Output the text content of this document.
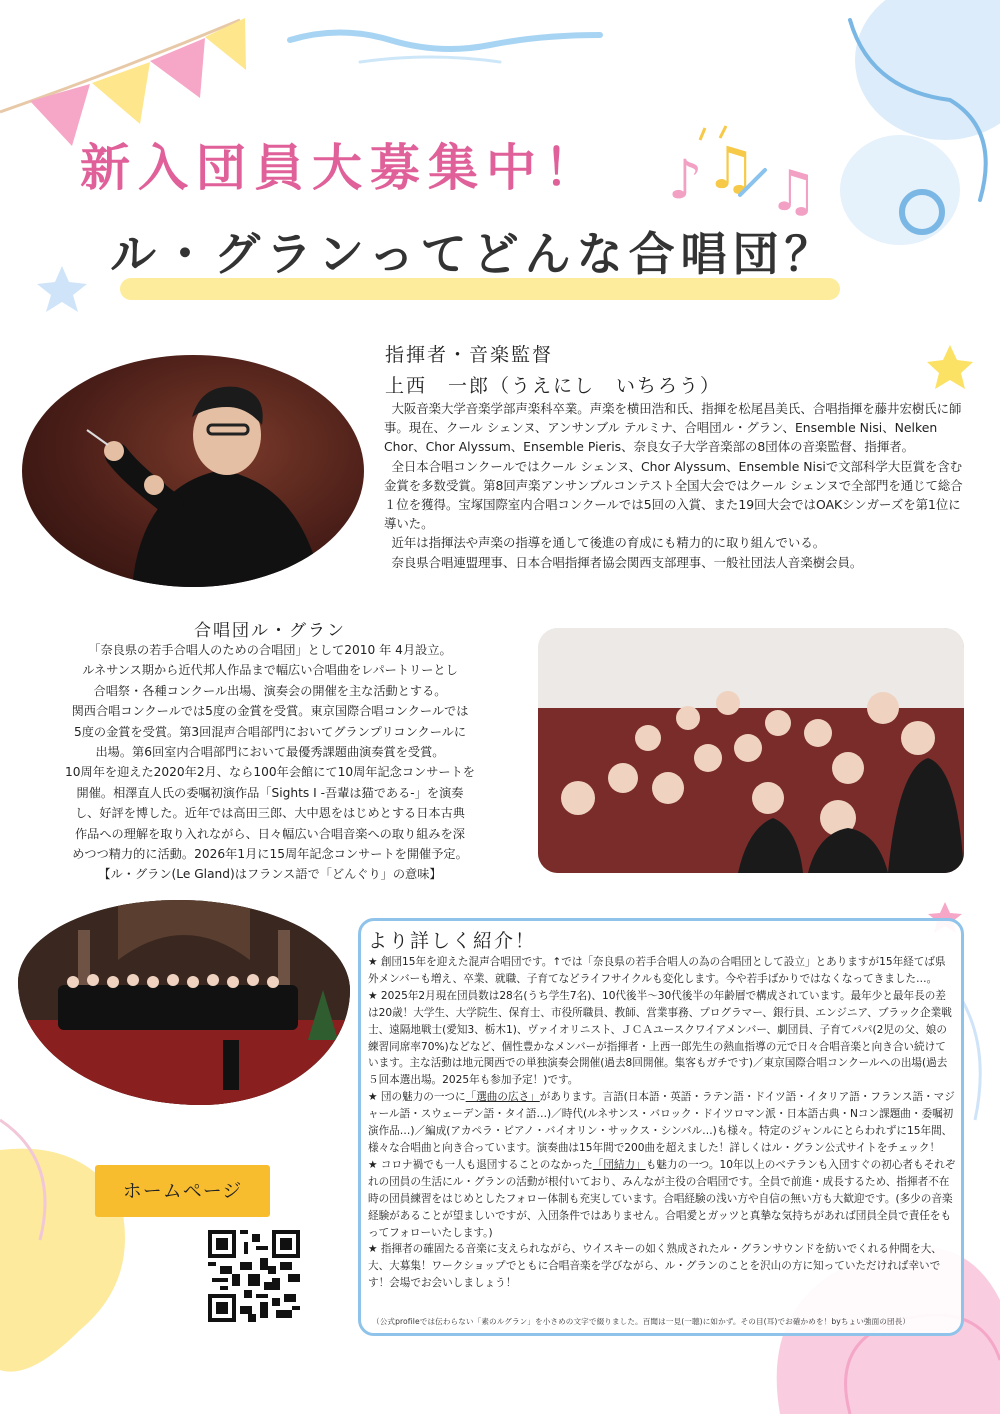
♪ ♫ ♫
新入団員大募集中！
ル・グランってどんな合唱団？
指揮者・音楽監督
上西　一郎（うえにし　いちろう）

大阪音楽大学音楽学部声楽科卒業。声楽を横田浩和氏、指揮を松尾昌美氏、合唱指揮を藤井宏樹氏に師事。現在、クール シェンヌ、アンサンブル テルミナ、合唱団ル・グラン、Ensemble Nisi、Nelken Chor、Chor Alyssum、Ensemble Pieris、奈良女子大学音楽部の8団体の音楽監督、指揮者。

全日本合唱コンクールではクール シェンヌ、Chor Alyssum、Ensemble Nisiで文部科学大臣賞を含む金賞を多数受賞。第8回声楽アンサンブルコンテスト全国大会ではクール シェンヌで全部門を通じて総合１位を獲得。宝塚国際室内合唱コンクールでは5回の入賞、また19回大会ではOAKシンガーズを第1位に導いた。

近年は指揮法や声楽の指導を通して後進の育成にも精力的に取り組んでいる。

奈良県合唱連盟理事、日本合唱指揮者協会関西支部理事、一般社団法人音楽樹会員。

合唱団ル・グラン
「奈良県の若手合唱人のための合唱団」として2010 年 4月設立。
ルネサンス期から近代邦人作品まで幅広い合唱曲をレパートリーとし
合唱祭・各種コンクール出場、演奏会の開催を主な活動とする。
関西合唱コンクールでは5度の金賞を受賞。東京国際合唱コンクールでは
5度の金賞を受賞。第3回混声合唱部門においてグランプリコンクールに
出場。第6回室内合唱部門において最優秀課題曲演奏賞を受賞。
10周年を迎えた2020年2月、なら100年会館にて10周年記念コンサートを
開催。相澤直人氏の委嘱初演作品「Sights Ⅰ -吾輩は猫である-」を演奏
し、好評を博した。近年では高田三郎、大中恩をはじめとする日本古典
作品への理解を取り入れながら、日々幅広い合唱音楽への取り組みを深
めつつ精力的に活動。2026年1月に15周年記念コンサートを開催予定。
【ル・グラン(Le Gland)はフランス語で「どんぐり」の意味】
ホームページ
より詳しく紹介！

★ 創団15年を迎えた混声合唱団です。↑では「奈良県の若手合唱人の為の合唱団として設立」とありますが15年経てば県外メンバーも増え、卒業、就職、子育てなどライフサイクルも変化します。今や若手ばかりではなくなってきました…。

★ 2025年2月現在団員数は28名(うち学生7名)、10代後半～30代後半の年齢層で構成されています。最年少と最年長の差は20歳！大学生、大学院生、保育士、市役所職員、教師、営業事務、プログラマー、銀行員、エンジニア、ブラック企業戦士、遠隔地戦士(愛知3、栃木1)、ヴァイオリニスト、ＪＣＡユースクワイアメンバー、劇団員、子育てパパ(2児の父、娘の練習同席率70%)などなど、個性豊かなメンバーが指揮者・上西一郎先生の熱血指導の元で日々合唱音楽と向き合い続けています。主な活動は地元関西での単独演奏会開催(過去8回開催。集客もガチです)／東京国際合唱コンクールへの出場(過去５回本選出場。2025年も参加予定！)です。

★ 団の魅力の一つに「選曲の広さ」があります。言語(日本語・英語・ラテン語・ドイツ語・イタリア語・フランス語・マジャール語・スウェーデン語・タイ語…)／時代(ルネサンス・バロック・ドイツロマン派・日本語古典・Nコン課題曲・委嘱初演作品…)／編成(アカペラ・ピアノ・バイオリン・サックス・シンバル…)も様々。特定のジャンルにとらわれずに15年間、様々な合唱曲と向き合っています。演奏曲は15年間で200曲を超えました！詳しくはル・グラン公式サイトをチェック！

★ コロナ禍でも一人も退団することのなかった「団結力」も魅力の一つ。10年以上のベテランも入団すぐの初心者もそれぞれの団員の生活にル・グランの活動が根付いており、みんなが主役の合唱団です。全員で前進・成長するため、指揮者不在時の団員練習をはじめとしたフォロー体制も充実しています。合唱経験の浅い方や自信の無い方も大歓迎です。(多少の音楽経験があることが望ましいですが、入団条件ではありません。合唱愛とガッツと真摯な気持ちがあれば団員全員で責任をもってフォローいたします。)

★ 指揮者の確固たる音楽に支えられながら、ウイスキーの如く熟成されたル・グランサウンドを紡いでくれる仲間を大、大、大募集！ワークショップでともに合唱音楽を学びながら、ル・グランのことを沢山の方に知っていただければ幸いです！会場でお会いしましょう！

（公式profileでは伝わらない「素のルグラン」を小さめの文字で綴りました。百聞は一見(一聴)に如かず。その目(耳)でお確かめを！byちょい強面の団長）
